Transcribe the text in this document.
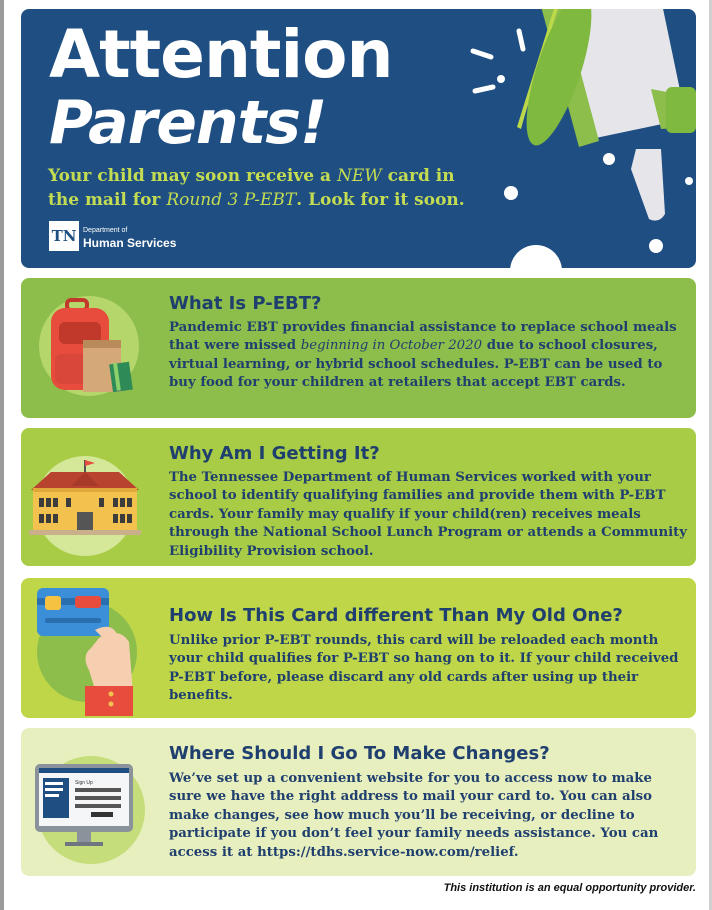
Attention
Parents!
Your child may soon receive a NEW card in the mail for Round 3 P-EBT. Look for it soon.
TN Department of
Human Services
What Is P-EBT?
Pandemic EBT provides financial assistance to replace school meals that were missed beginning in October 2020 due to school closures, virtual learning, or hybrid school schedules. P-EBT can be used to buy food for your children at retailers that accept EBT cards.
Why Am I Getting It?
The Tennessee Department of Human Services worked with your school to identify qualifying families and provide them with P-EBT cards. Your family may qualify if your child(ren) receives meals through the National School Lunch Program or attends a Community Eligibility Provision school.
How Is This Card different Than My Old One?
Unlike prior P-EBT rounds, this card will be reloaded each month your child qualifies for P-EBT so hang on to it. If your child received P-EBT before, please discard any old cards after using up their benefits.
Sign Up
Where Should I Go To Make Changes?
We’ve set up a convenient website for you to access now to make sure we have the right address to mail your card to. You can also make changes, see how much you’ll be receiving, or decline to participate if you don’t feel your family needs assistance. You can access it at https://tdhs.service-now.com/relief.
This institution is an equal opportunity provider.
